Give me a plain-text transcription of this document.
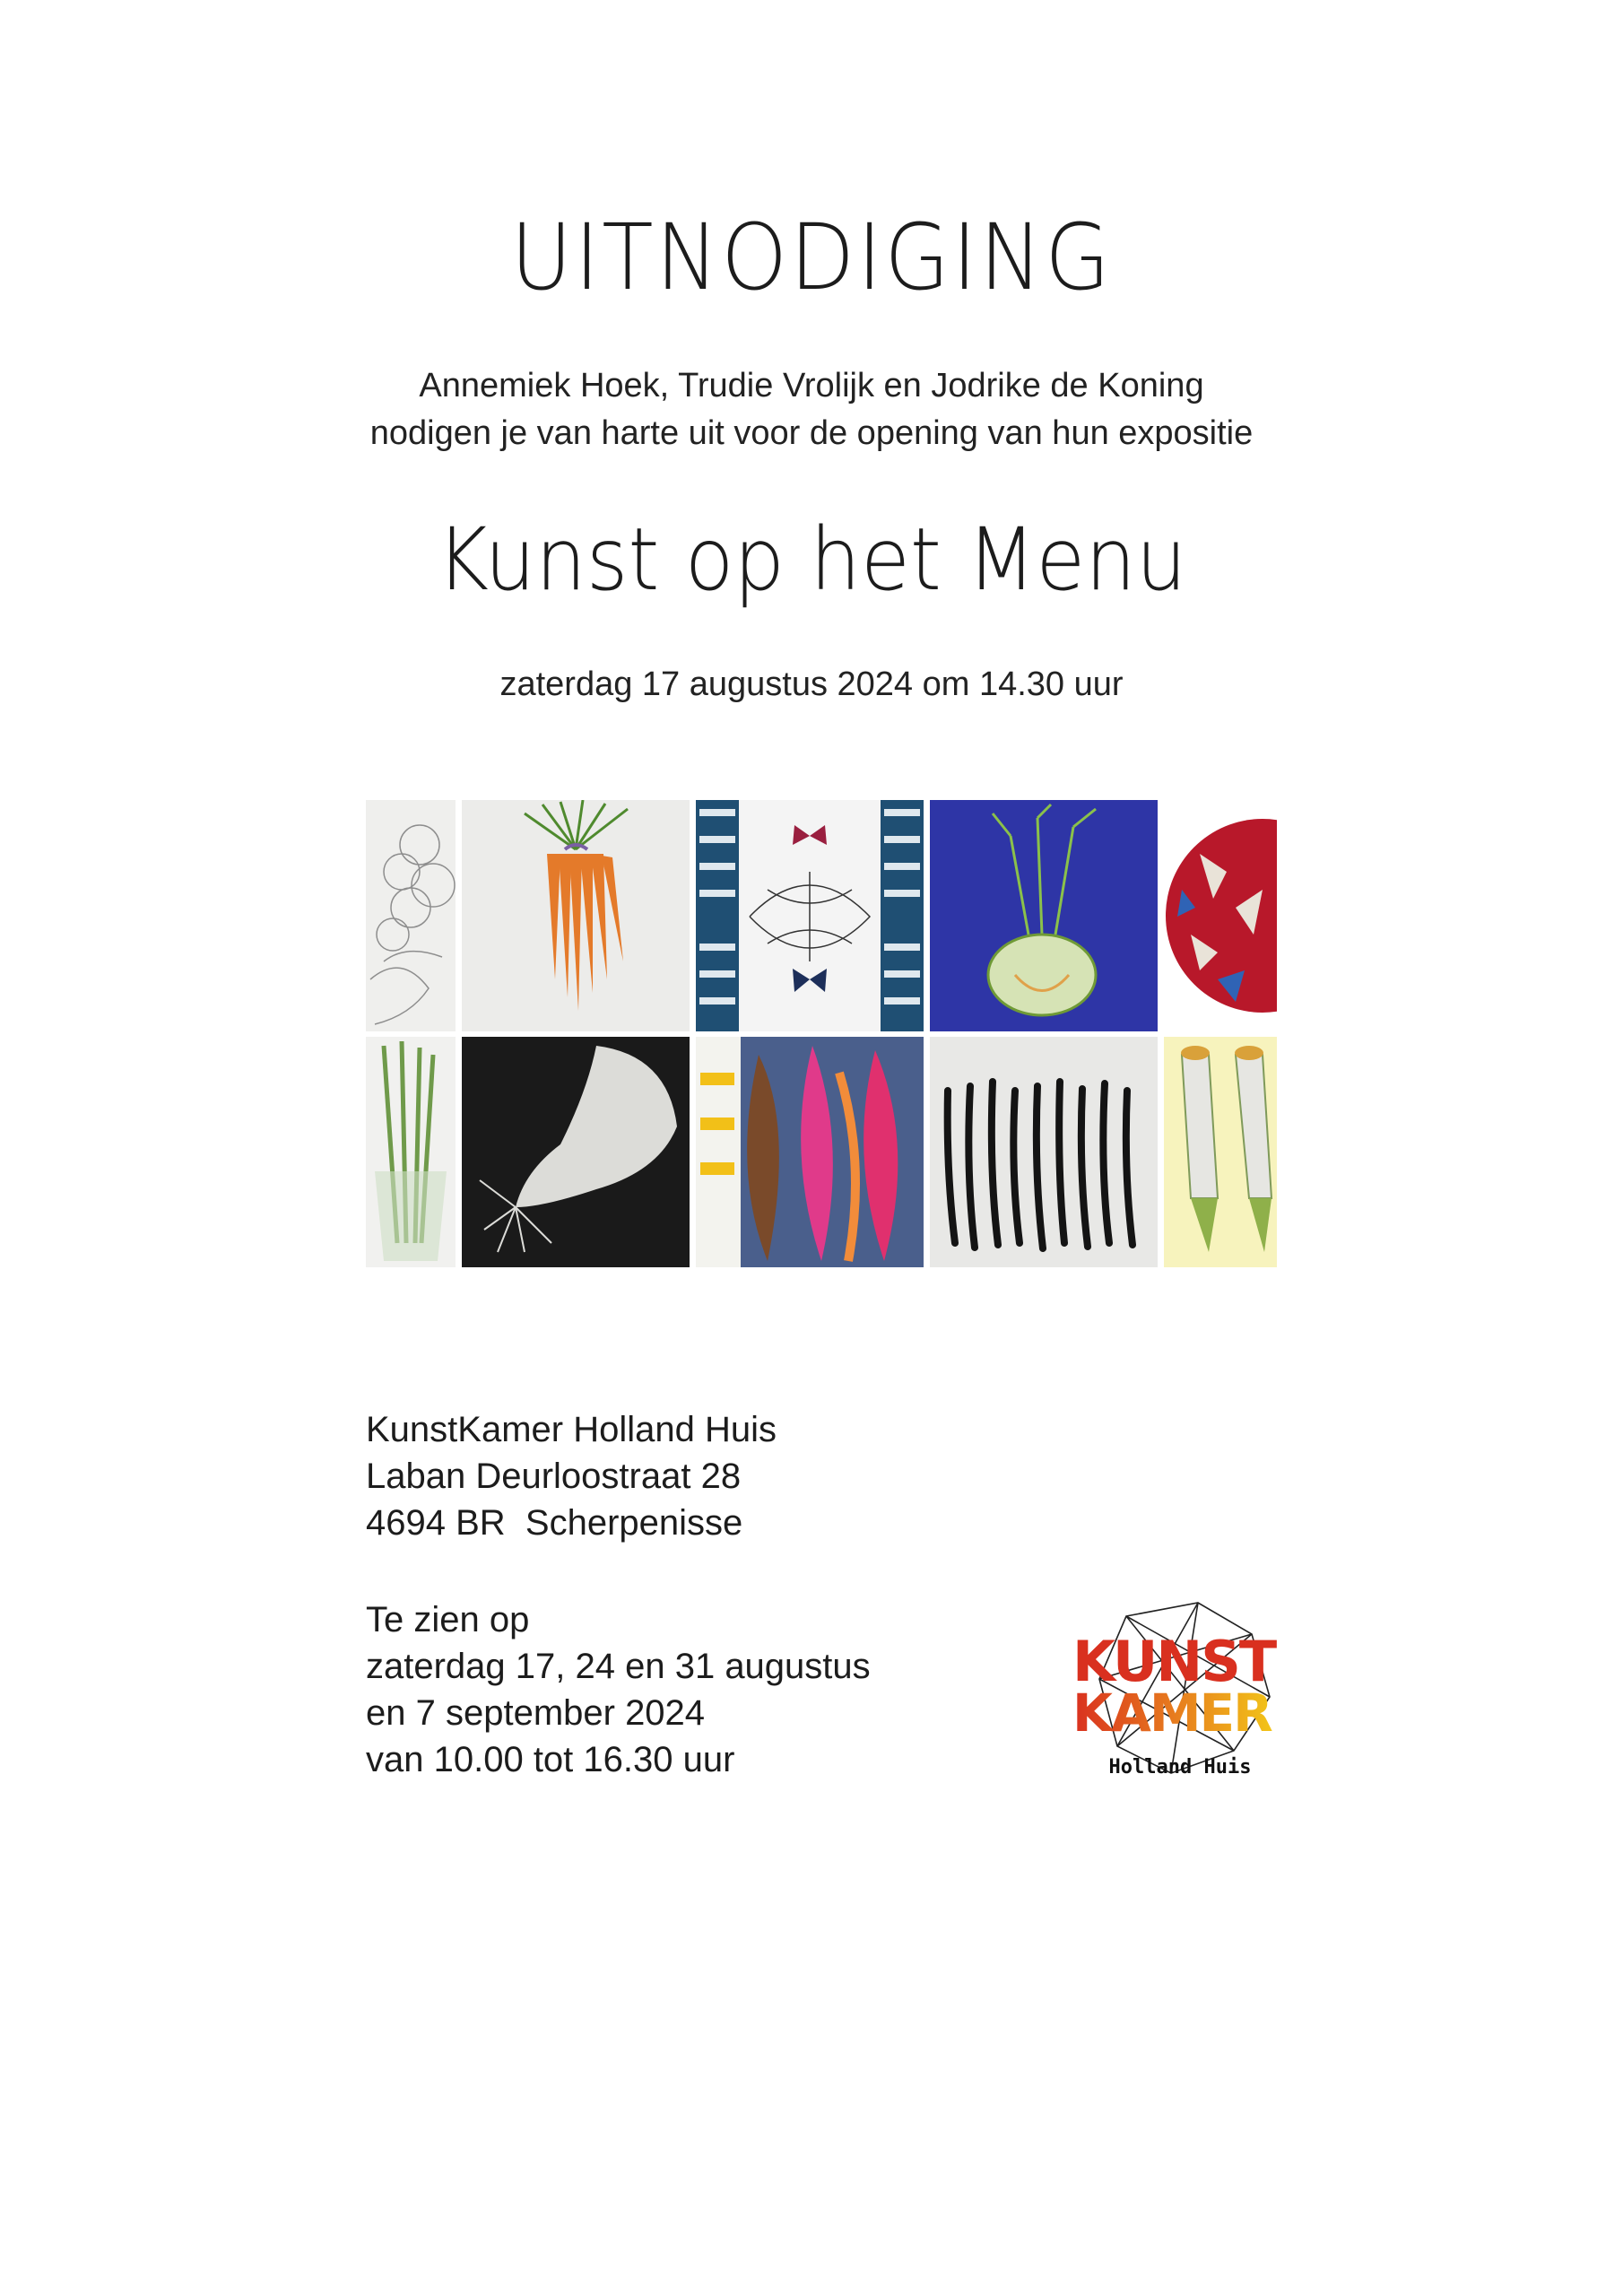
UITNODIGING
Annemiek Hoek, Trudie Vrolijk en Jodrike de Koning
nodigen je van harte uit voor de opening van hun expositie
Kunst op het Menu
zaterdag 17 augustus 2024 om 14.30 uur
KunstKamer Holland Huis
Laban Deurloostraat 28
4694 BR  Scherpenisse
Te zien op
zaterdag 17, 24 en 31 augustus
en 7 september 2024
van 10.00 tot 16.30 uur
KUNST
KAMER
Holland Huis
